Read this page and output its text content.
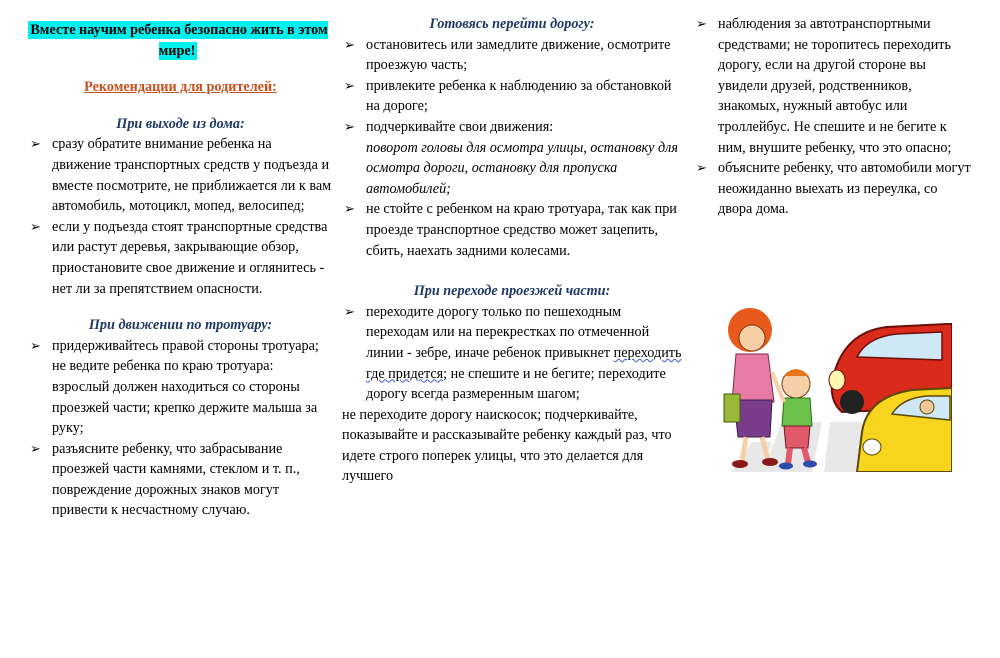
Вместе научим ребенка безопасно жить в этом мире!
Рекомендации для родителей:
При выходе из дома:
➢ сразу обратите внимание ребенка на движение транспортных средств у подъезда и вместе посмотрите, не приближается ли к вам автомобиль, мотоцикл, мопед, велосипед;
➢ если у подъезда стоят транспортные средства или растут деревья, закрывающие обзор, приостановите свое движение и оглянитесь - нет ли за препятствием опасности.
При движении по тротуару:
➢ придерживайтесь правой стороны тротуара; не ведите ребенка по краю тротуара: взрослый должен находиться со стороны проезжей части; крепко держите малыша за руку;
➢ разъясните ребенку, что забрасывание проезжей части камнями, стеклом и т. п., повреждение дорожных знаков могут привести к несчастному случаю.
Готовясь перейти дорогу:
➢ остановитесь или замедлите движение, осмотрите проезжую часть;
➢ привлеките ребенка к наблюдению за обстановкой на дороге;
➢ подчеркивайте свои движения:
поворот головы для осмотра улицы, остановку для осмотра дороги, остановку для пропуска автомобилей;
➢ не стойте с ребенком на краю тротуара, так как при проезде транспортное средство может зацепить, сбить, наехать задними колесами.
При переходе проезжей части:
➢ переходите дорогу только по пешеходным переходам или на перекрестках по отмеченной линии - зебре, иначе ребенок привыкнет переходить где придется; не спешите и не бегите; переходите дорогу всегда размеренным шагом;
не переходите дорогу наискосок; подчеркивайте, показывайте и рассказывайте ребенку каждый раз, что идете строго поперек улицы, что это делается для лучшего
➢ наблюдения за автотранспортными средствами; не торопитесь переходить дорогу, если на другой стороне вы увидели друзей, родственников, знакомых, нужный автобус или троллейбус. Не спешите и не бегите к ним, внушите ребенку, что это опасно;
➢ объясните ребенку, что автомобили могут неожиданно выехать из переулка, со двора дома.
